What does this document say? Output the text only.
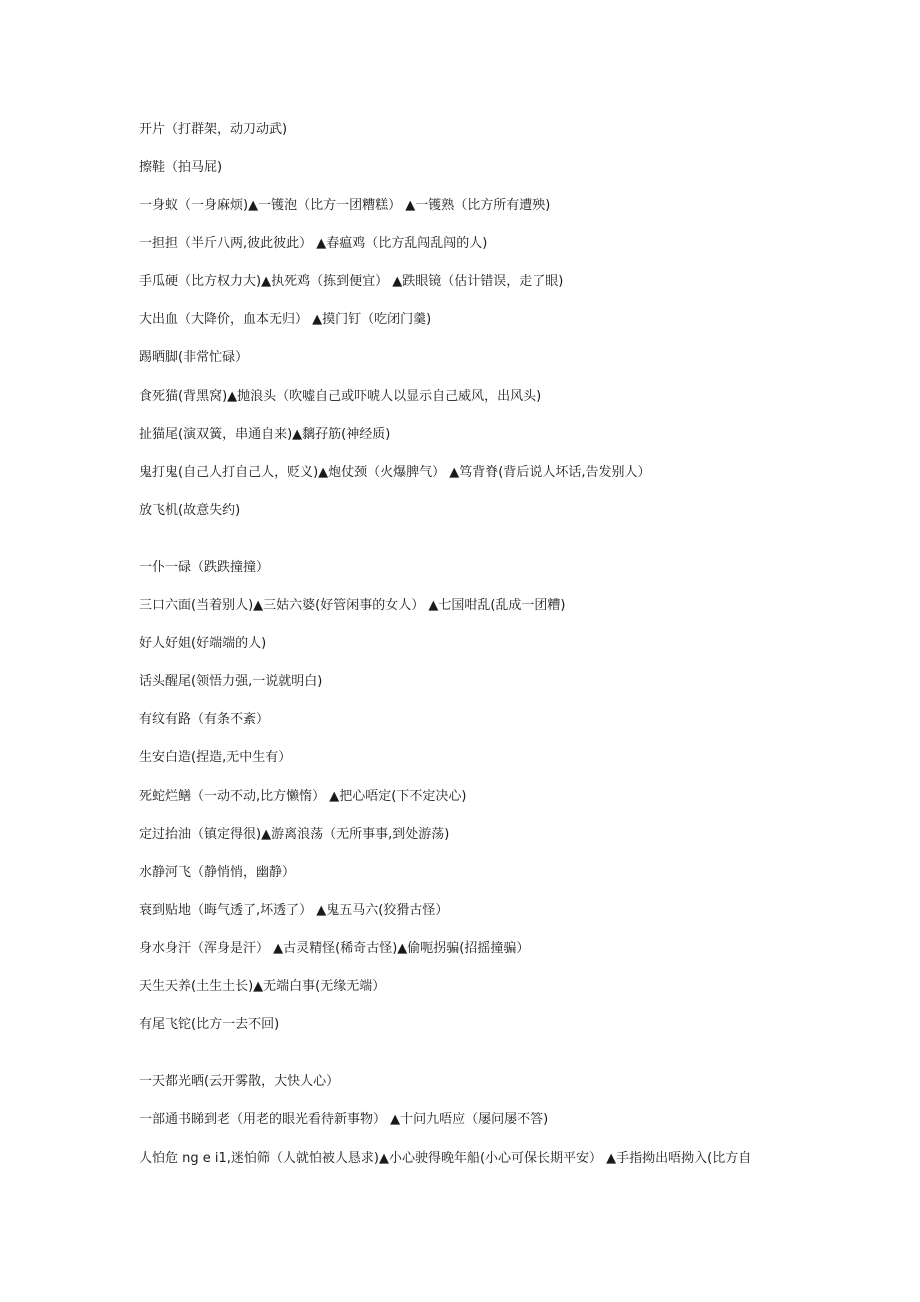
开片（打群架，动刀动武)
擦鞋（拍马屁)
一身蚁（一身麻烦)▲一镬泡（比方一团糟糕） ▲一镬熟（比方所有遭殃)
一担担（半斤八两,彼此彼此） ▲春瘟鸡（比方乱闯乱闯的人)
手瓜硬（比方权力大)▲执死鸡（拣到便宜） ▲跌眼镜（估计错误，走了眼)
大出血（大降价，血本无归） ▲摸门钉（吃闭门羹)
踢晒脚(非常忙碌）
食死猫(背黑窝)▲抛浪头（吹嘘自己或吓唬人以显示自己威风，出风头)
扯猫尾(演双簧，串通自来)▲黐孖筋(神经质)
鬼打鬼(自己人打自己人，贬义)▲炮仗颈（火爆脾气） ▲笃背脊(背后说人坏话,告发别人）
放飞机(故意失约)
一仆一碌（跌跌撞撞）
三口六面(当着别人)▲三姑六婆(好管闲事的女人） ▲七国咁乱(乱成一团糟)
好人好姐(好端端的人)
话头醒尾(领悟力强,一说就明白)
有纹有路（有条不紊）
生安白造(捏造,无中生有）
死蛇烂鳝（一动不动,比方懒惰） ▲把心唔定(下不定决心)
定过抬油（镇定得很)▲游离浪荡（无所事事,到处游荡)
水静河飞（静悄悄，幽静）
衰到贴地（晦气透了,坏透了） ▲鬼五马六(狡猾古怪）
身水身汗（浑身是汗） ▲古灵精怪(稀奇古怪)▲偷呃拐骗(招摇撞骗）
天生天养(土生土长)▲无端白事(无缘无端）
有尾飞铊(比方一去不回)
一天都光晒(云开雾散，大快人心）
一部通书睇到老（用老的眼光看待新事物） ▲十问九唔应（屡问屡不答)
人怕危 ng e i1,迷怕筛（人就怕被人恳求)▲小心驶得晚年船(小心可保长期平安） ▲手指拗出唔拗入(比方自
